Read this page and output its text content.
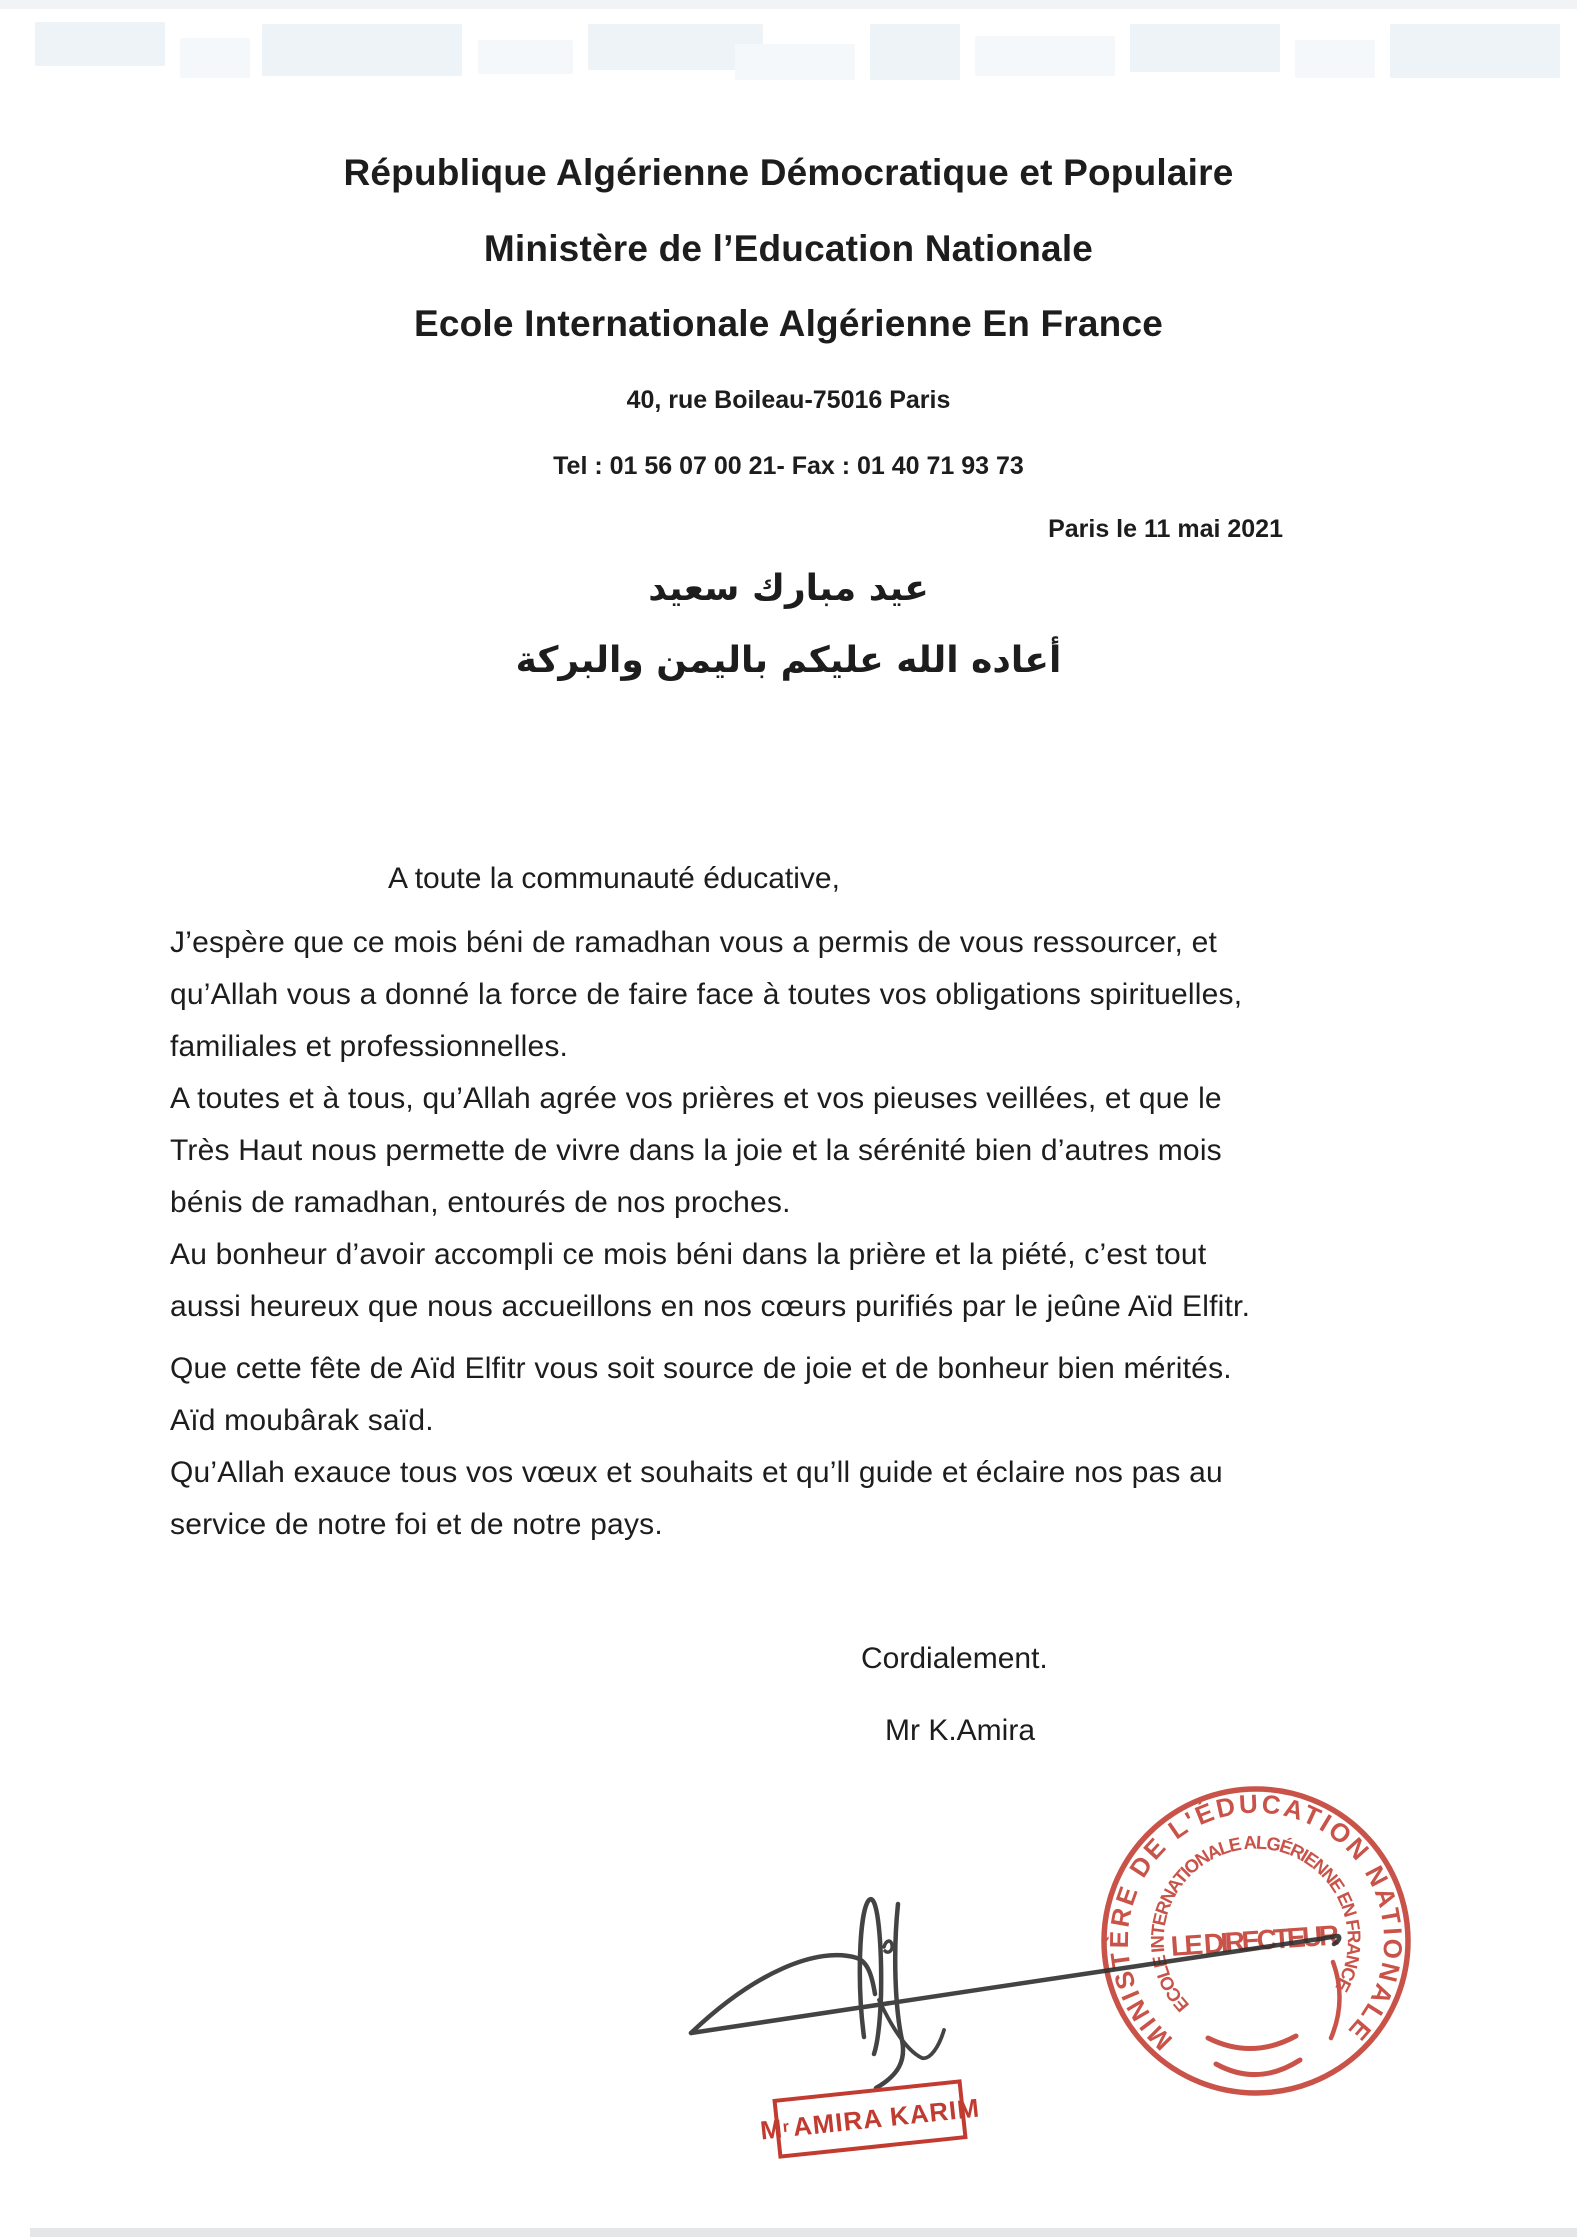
République Algérienne Démocratique et Populaire
Ministère de l’Education Nationale
Ecole Internationale Algérienne En France
40, rue Boileau-75016 Paris
Tel : 01 56 07 00 21- Fax : 01 40 71 93 73
Paris le 11 mai 2021
عيد مبارك سعيد
أعاده الله عليكم باليمن والبركة
A toute la communauté éducative,
J’espère que ce mois béni de ramadhan vous a permis de vous ressourcer, et
qu’Allah vous a donné la force de faire face à toutes vos obligations spirituelles,
familiales et professionnelles.
A toutes et à tous, qu’Allah agrée vos prières et vos pieuses veillées, et que le
Très Haut nous permette de vivre dans la joie et la sérénité bien d’autres mois
bénis de ramadhan, entourés de nos proches.
Au bonheur d’avoir accompli ce mois béni dans la prière et la piété, c’est tout
aussi heureux que nous accueillons en nos cœurs purifiés par le jeûne Aïd Elfitr.
Que cette fête de Aïd Elfitr vous soit source de joie et de bonheur bien mérités.
Aïd moubârak saïd.
Qu’Allah exauce tous vos vœux et souhaits et qu’ll guide et éclaire nos pas au
service de notre foi et de notre pays.
Cordialement.
Mr K.Amira
MINISTÈRE DE L'ÉDUCATION NATIONALE
ECOLE INTERNATIONALE ALGÉRIENNE EN FRANCE
LE DIRECTEUR
M
r AMIRA KARIM
